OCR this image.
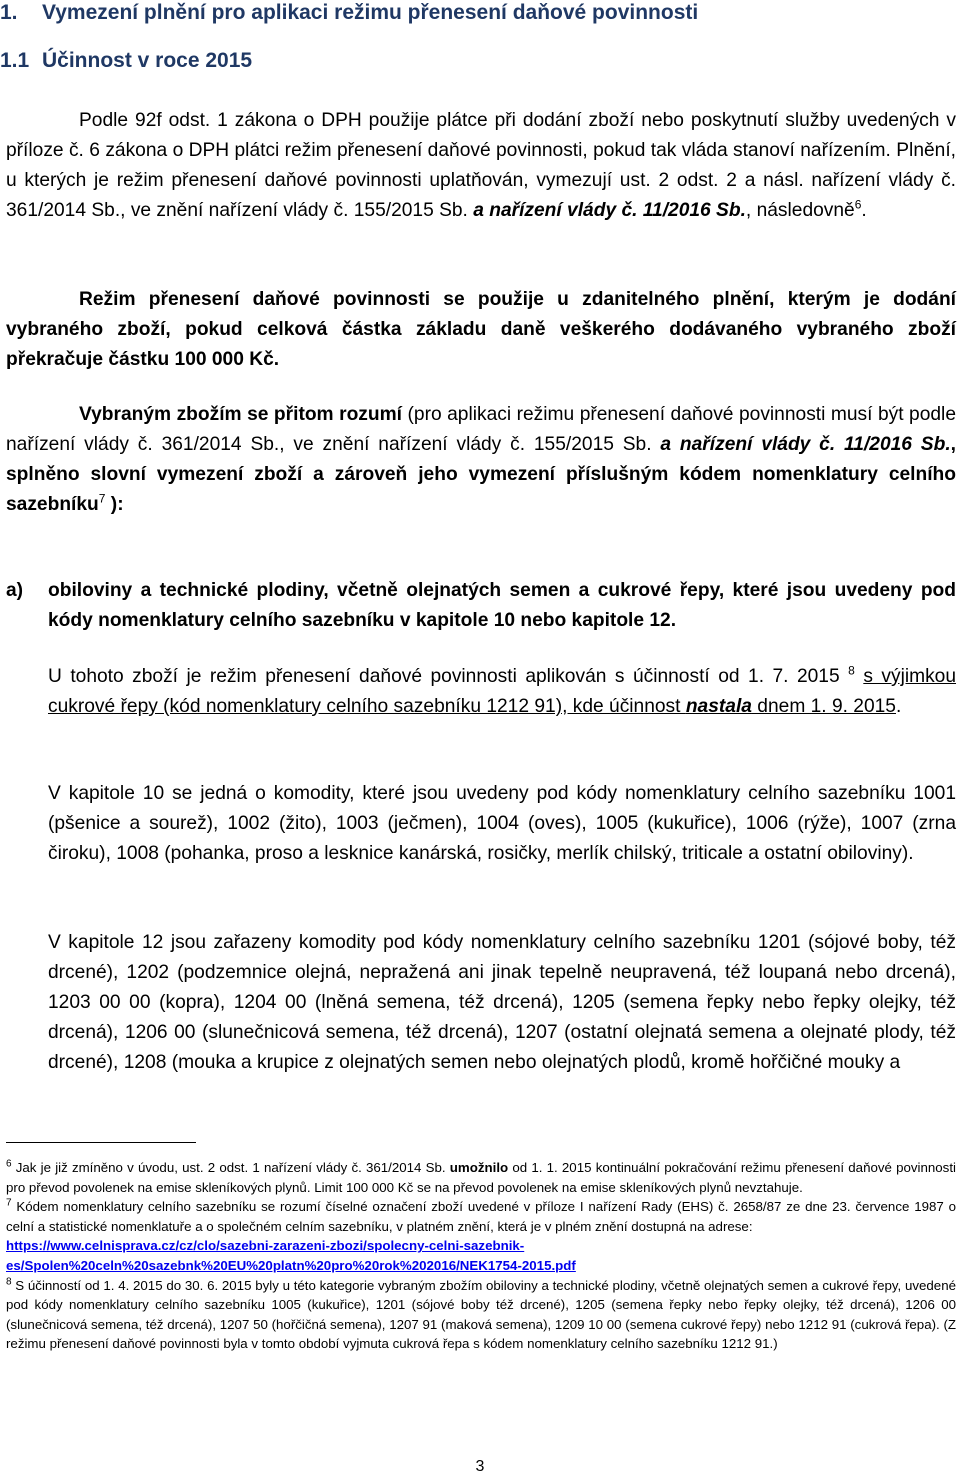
1. Vymezení plnění pro aplikaci režimu přenesení daňové povinnosti
1.1 Účinnost v roce 2015

Podle 92f odst. 1 zákona o DPH použije plátce při dodání zboží nebo poskytnutí služby uvedených v příloze č. 6 zákona o DPH plátci režim přenesení daňové povinnosti, pokud tak vláda stanoví nařízením. Plnění, u kterých je režim přenesení daňové povinnosti uplatňován, vymezují ust. 2 odst. 2 a násl. nařízení vlády č. 361/2014 Sb., ve znění nařízení vlády č. 155/2015 Sb. a nařízení vlády č. 11/2016 Sb., následovně$^6$.

Režim přenesení daňové povinnosti se použije u zdanitelného plnění, kterým je dodání vybraného zboží, pokud celková částka základu daně veškerého dodávaného vybraného zboží překračuje částku 100 000 Kč.

Vybraným zbožím se přitom rozumí (pro aplikaci režimu přenesení daňové povinnosti musí být podle nařízení vlády č. 361/2014 Sb., ve znění nařízení vlády č. 155/2015 Sb. a nařízení vlády č. 11/2016 Sb., splněno slovní vymezení zboží a zároveň jeho vymezení příslušným kódem nomenklatury celního sazebníku$^7$ ):

a) obiloviny a technické plodiny, včetně olejnatých semen a cukrové řepy, které jsou uvedeny pod kódy nomenklatury celního sazebníku v kapitole 10 nebo kapitole 12.

U tohoto zboží je režim přenesení daňové povinnosti aplikován s účinností od 1. 7. 2015 $^8$ s výjimkou cukrové řepy (kód nomenklatury celního sazebníku 1212 91), kde účinnost nastala dnem 1. 9. 2015.

V kapitole 10 se jedná o komodity, které jsou uvedeny pod kódy nomenklatury celního sazebníku 1001 (pšenice a sourež), 1002 (žito), 1003 (ječmen), 1004 (oves), 1005 (kukuřice), 1006 (rýže), 1007 (zrna čiroku), 1008 (pohanka, proso a lesknice kanárská, rosičky, merlík chilský, triticale a ostatní obiloviny).

V kapitole 12 jsou zařazeny komodity pod kódy nomenklatury celního sazebníku 1201 (sójové boby, též drcené), 1202 (podzemnice olejná, nepražená ani jinak tepelně neupravená, též loupaná nebo drcená), 1203 00 00 (kopra), 1204 00 (lněná semena, též drcená), 1205 (semena řepky nebo řepky olejky, též drcená), 1206 00 (slunečnicová semena, též drcená), 1207 (ostatní olejnatá semena a olejnaté plody, též drcené), 1208 (mouka a krupice z olejnatých semen nebo olejnatých plodů, kromě hořčičné mouky a

$^6$ Jak je již zmíněno v úvodu, ust. 2 odst. 1 nařízení vlády č. 361/2014 Sb. umožnilo od 1. 1. 2015 kontinuální pokračování režimu přenesení daňové povinnosti pro převod povolenek na emise skleníkových plynů. Limit 100 000 Kč se na převod povolenek na emise skleníkových plynů nevztahuje.

$^7$ Kódem nomenklatury celního sazebníku se rozumí číselné označení zboží uvedené v příloze I nařízení Rady (EHS) č. 2658/87 ze dne 23. července 1987 o celní a statistické nomenklatuře a o společném celním sazebníku, v platném znění, která je v plném znění dostupná na adrese:
https://www.celnisprava.cz/cz/clo/sazebni-zarazeni-zbozi/spolecny-celni-sazebnik-es/Spolen%20celn%20sazebnk%20EU%20platn%20pro%20rok%202016/NEK1754-2015.pdf

$^8$ S účinností od 1. 4. 2015 do 30. 6. 2015 byly u této kategorie vybraným zbožím obiloviny a technické plodiny, včetně olejnatých semen a cukrové řepy, uvedené pod kódy nomenklatury celního sazebníku 1005 (kukuřice), 1201 (sójové boby též drcené), 1205 (semena řepky nebo řepky olejky, též drcená), 1206 00 (slunečnicová semena, též drcená), 1207 50 (hořčičná semena), 1207 91 (maková semena), 1209 10 00 (semena cukrové řepy) nebo 1212 91 (cukrová řepa). (Z režimu přenesení daňové povinnosti byla v tomto období vyjmuta cukrová řepa s kódem nomenklatury celního sazebníku 1212 91.)

3
